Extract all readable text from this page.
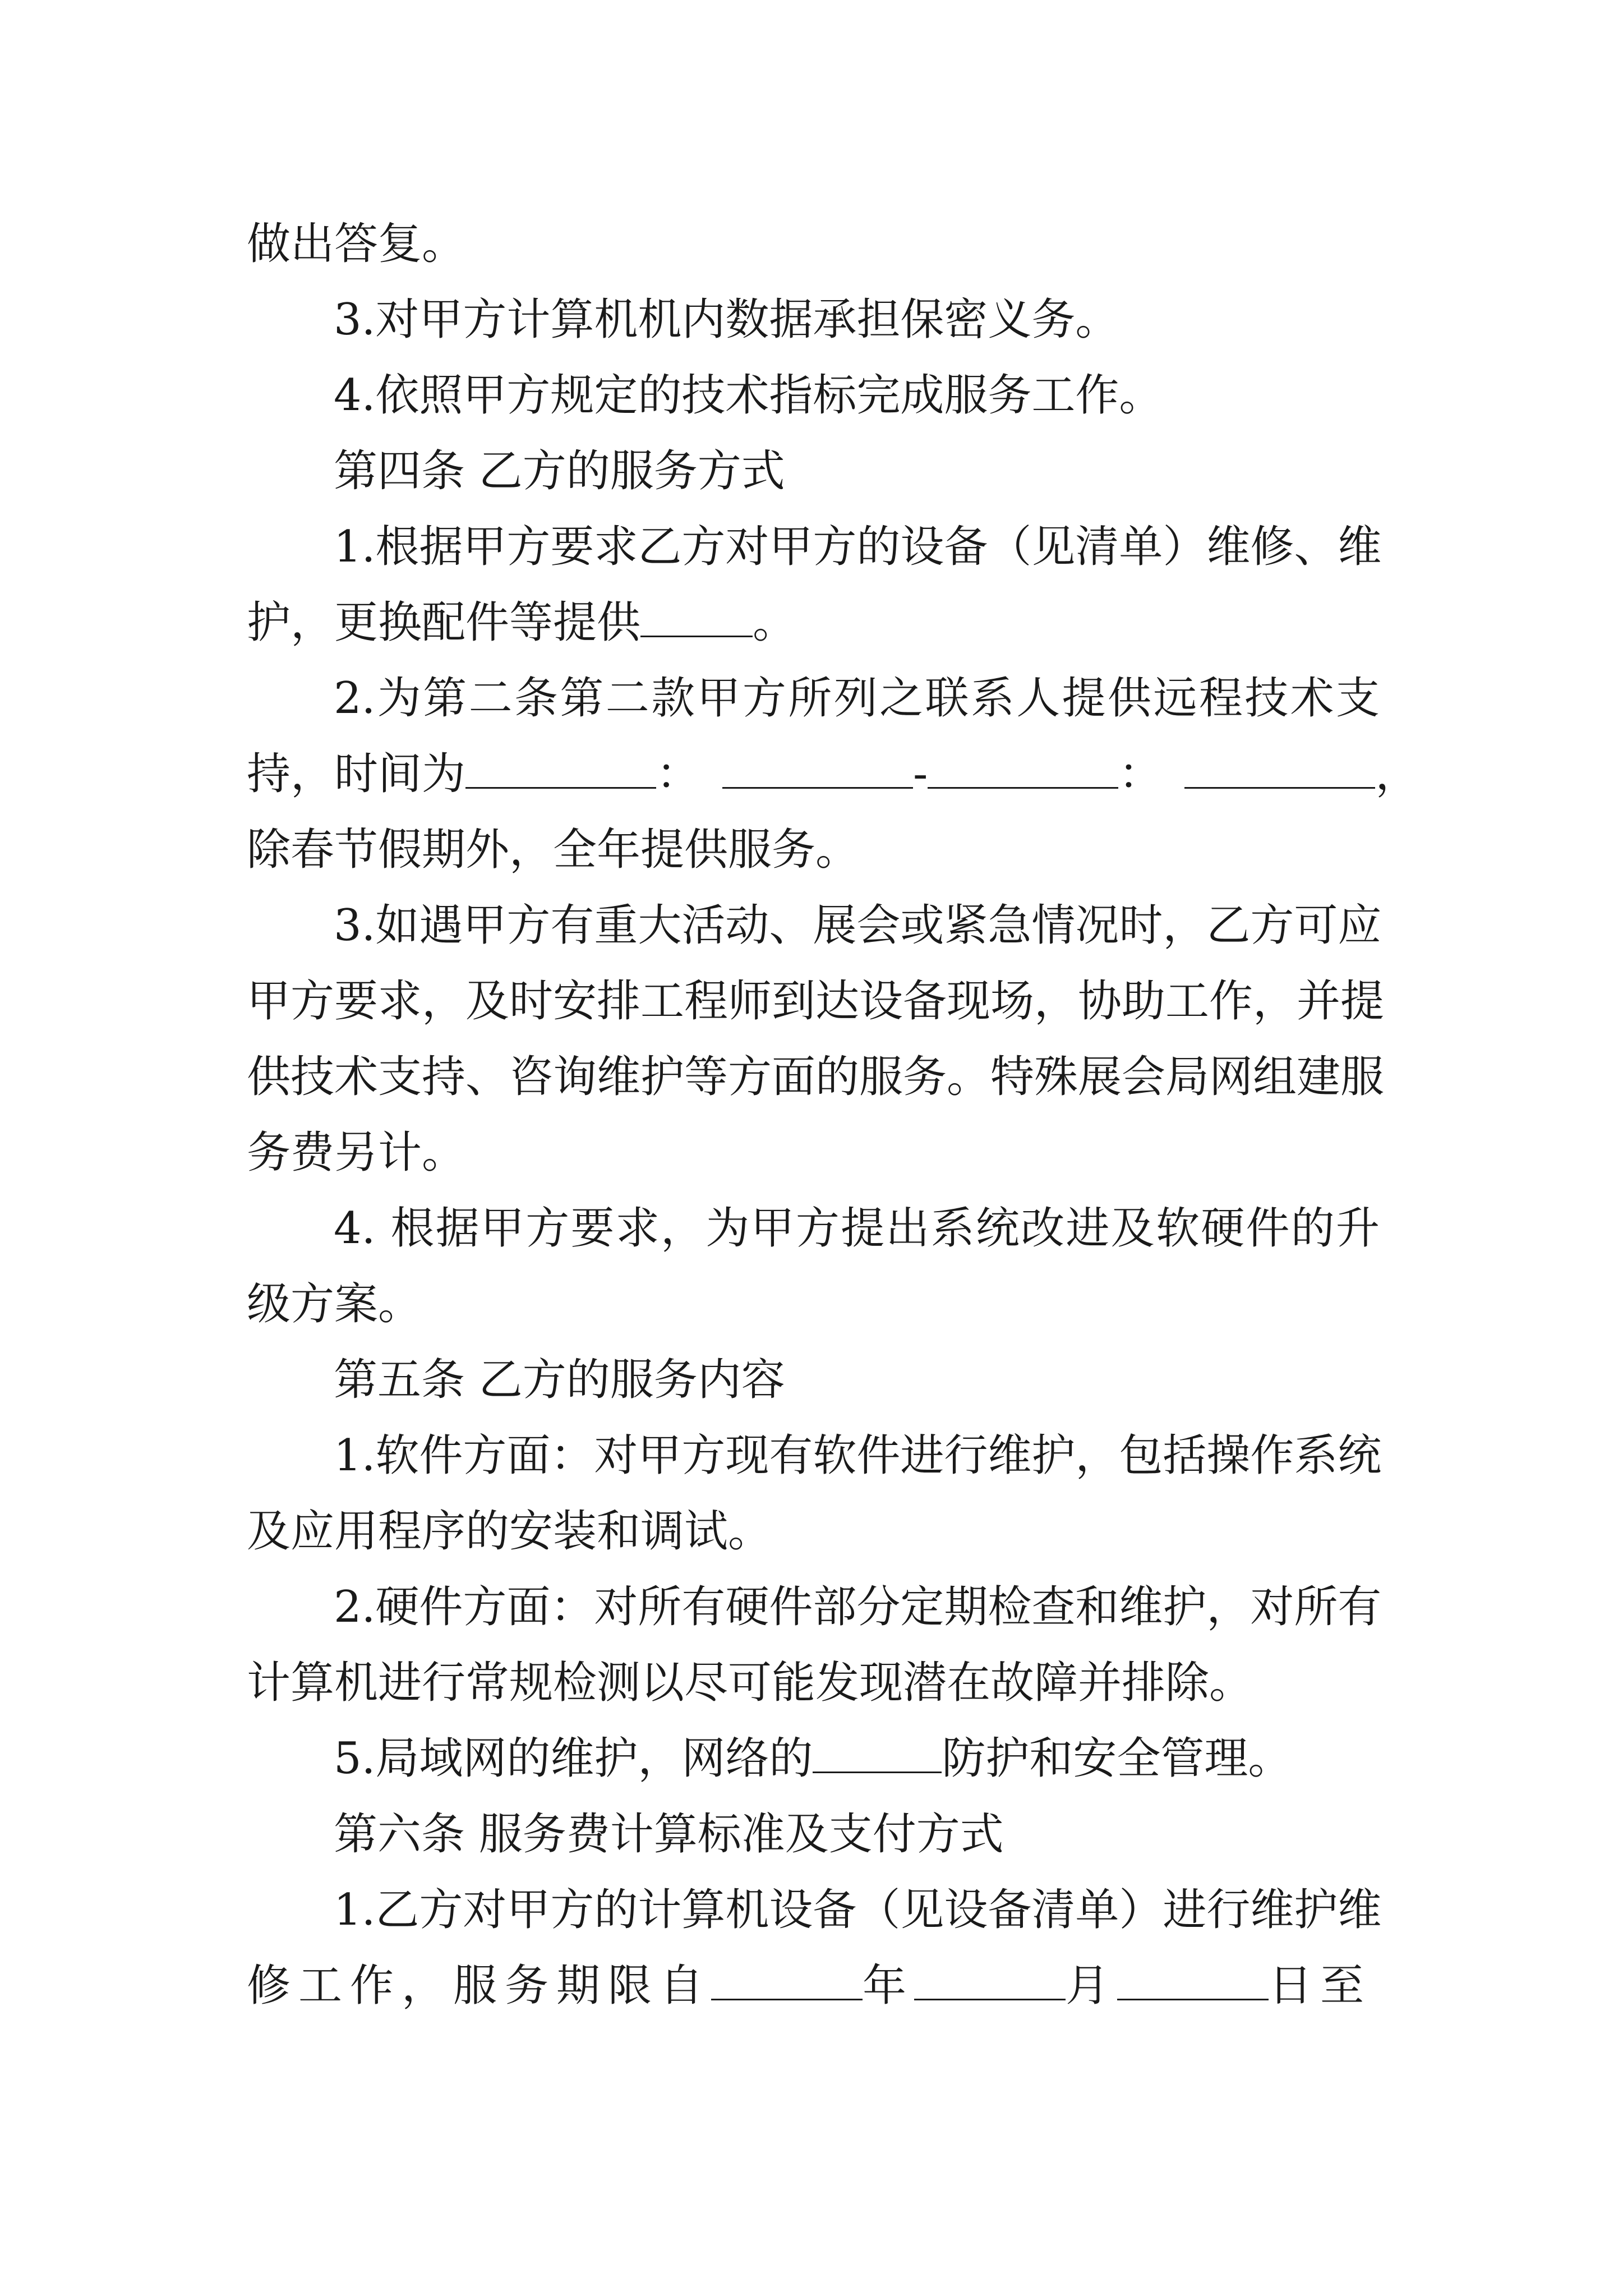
做出答复。
3.对甲方计算机机内数据承担保密义务。
4.依照甲方规定的技术指标完成服务工作。
第四条 乙方的服务方式
1.根据甲方要求乙方对甲方的设备（见清单）维修、维
护，更换配件等提供	。
2.为第二条第二款甲方所列之联系人提供远程技术支
持，时间为	：	-	：	，
除春节假期外，全年提供服务。
3.如遇甲方有重大活动、展会或紧急情况时，乙方可应
甲方要求，及时安排工程师到达设备现场，协助工作，并提
供技术支持、咨询维护等方面的服务。特殊展会局网组建服
务费另计。
4. 根据甲方要求，为甲方提出系统改进及软硬件的升
级方案。
第五条 乙方的服务内容
1.软件方面：对甲方现有软件进行维护，包括操作系统
及应用程序的安装和调试。
2.硬件方面：对所有硬件部分定期检查和维护，对所有
计算机进行常规检测以尽可能发现潜在故障并排除。
5.局域网的维护，网络的	防护和安全管理。
第六条 服务费计算标准及支付方式
1.乙方对甲方的计算机设备（见设备清单）进行维护维
修工作，服务期限自	年	月	日至
